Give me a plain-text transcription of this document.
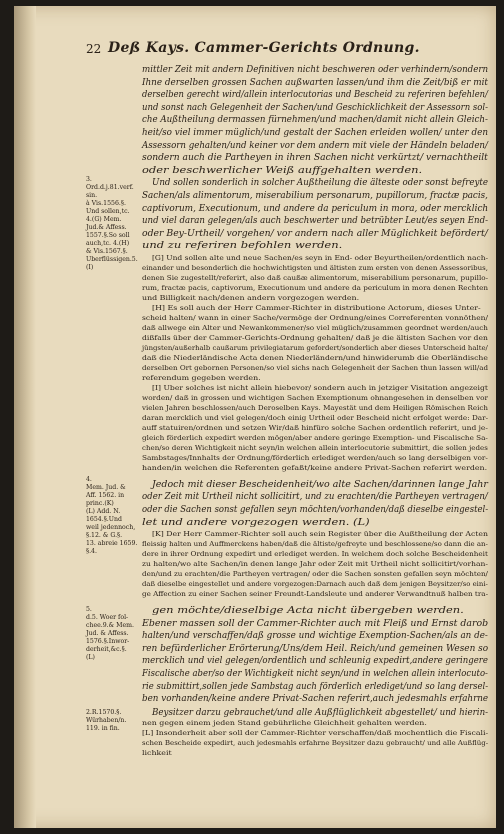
22 Deß Kays. Cammer-Gerichts Ordnung.
3.
Ord.d.j.81.verf.
sin.
à Vis.1556.§.
Und sollen,tc.
4.(G) Mem.
Jud.& Affess.
1557.§.So soll
auch,tc. 4.(H)
& Vis.1567.§.
Uberflüssigen.5.
(I)
4.
Mem. Jud. &
Aff. 1562. in
princ.(K)
(L) Add. N.
1654.§.Und
weil jedennoch,
§.12. & G.§.
13. abreie 1659.
§.4.
5.
d.5. Woer fol-
chee.9.& Mem.
Jud. & Affess.
1576.§.Inwor-
derheit,&c.§.
(L)
2.R.1570.§.
Würhaben/n.
119. in fin.
mittler Zeit mit andern Definitiven nicht beschweren oder verhindern/sondern
Ihne derselben grossen Sachen außwarten lassen/und ihm die Zeit/biß er mit
derselben gerecht wird/allein interlocutorias und Bescheid zu referiren befehlen/
und sonst nach Gelegenheit der Sachen/und Geschicklichkeit der Assessorn sol-
che Außtheilung dermassen fürnehmen/und machen/damit nicht allein Gleich-
heit/so viel immer müglich/und gestalt der Sachen erleiden wollen/ unter den
Assessorn gehalten/und keiner vor dem andern mit viele der Händeln beladen/
sondern auch die Partheyen in ihren Sachen nicht verkürtzt/ vernachtheilt
oder beschwerlicher Weiß auffgehalten werden.
Und sollen sonderlich in solcher Außtheilung die älteste oder sonst befreyte
Sachen/als alimentorum, miserabilium personarum, pupillorum, fractæ pacis,
captivorum, Executionum, und andere da periculum in mora, oder mercklich
und viel daran gelegen/als auch beschwerter und betrübter Leut/es seyen End-
oder Bey-Urtheil/ vorgehen/ vor andern nach aller Müglichkeit befördert/
und zu referiren befohlen werden.
[G] Und sollen alte und neue Sachen/es seyn in End- oder Beyurtheilen/ordentlich nach-
einander und besonderlich die hochwichtigsten und ältisten zum ersten von denen Assessoribus,
denen Sie zugestellt/referirt, also daß caußæ alimentorum, miserabilium personarum, pupillo-
rum, fractæ pacis, captivorum, Executionum und andere da periculum in mora denen Rechten
und Billigkeit nach/denen andern vorgezogen werden.
[H] Es soll auch der Herr Cammer-Richter in distributione Actorum, dieses Unter-
scheid halten/ wann in einer Sache/vermöge der Ordnung/eines Correferenten vonnöthen/
daß allwege ein Alter und Newankommener/so viel müglich/zusammen geordnet werden/auch
dißfalls über der Cammer-Gerichts-Ordnung gehalten/ daß je die ältisten Sachen vor den
jüngsten/außerhalb caußarum privilegiatarum gefordert/sonderlich aber dieses Unterscheid halte/
daß die Niederländische Acta denen Niederländern/und hinwiderumb die Oberländische
derselben Ort gebornen Personen/so viel sichs nach Gelegenheit der Sachen thun lassen will/ad
referendum gegeben werden.
[I] Uber solches ist nicht allein hiebevor/ sondern auch in jetziger Visitation angezeigt
worden/ daß in grossen und wichtigen Sachen Exemptionum ohnangesehen in denselben vor
vielen Jahren beschlossen/auch Deroselben Kays. Mayestät und dem Heiligen Römischen Reich
daran mercklich und viel gelegen/doch einig Urtheil oder Bescheid nicht erfolget werde: Dar-
auff statuiren/ordnen und setzen Wir/daß hinfüro solche Sachen ordentlich referirt, und je-
gleich förderlich expedirt werden mögen/aber andere geringe Exemption- und Fiscalische Sa-
chen/so deren Wichtigkeit nicht seyn/in welchen allein interlocutorie submittirt, die sollen jedes
Sambstages/Innhalts der Ordnung/förderlich erlediget werden/auch so lang derselbigen vor-
handen/in welchen die Referenten gefaßt/keine andere Privat-Sachen referirt werden.
Jedoch mit dieser Bescheidenheit/wo alte Sachen/darinnen lange Jahr
oder Zeit mit Urtheil nicht sollicitirt, und zu erachten/die Partheyen vertragen/
oder die Sachen sonst gefallen seyn möchten/vorhanden/daß dieselbe eingestel-
let und andere vorgezogen werden. (L)
[K] Der Herr Cammer-Richter soll auch sein Register über die Außtheilung der Acten
fleissig halten und Auffmerckens haben/daß die ältiste/gefreyte und beschlossene/so dann die an-
dere in ihrer Ordnung expedirt und erlediget werden. In welchem doch solche Bescheidenheit
zu halten/wo alte Sachen/in denen lange Jahr oder Zeit mit Urtheil nicht sollicitirt/vorhan-
den/und zu erachten/die Partheyen vertragen/ oder die Sachen sonsten gefallen seyn möchten/
daß dieselbe eingestellet und andere vorgezogen:Darnach auch daß dem jenigen Beysitzer/so eini-
ge Affection zu einer Sachen seiner Freundt-Landsleute und anderer Verwandtnuß halben tra-
gen möchte/dieselbige Acta nicht übergeben werden.
Ebener massen soll der Cammer-Richter auch mit Fleiß und Ernst darob
halten/und verschaffen/daß grosse und wichtige Exemption-Sachen/als an de-
ren befürderlicher Erörterung/Uns/dem Heil. Reich/und gemeinen Wesen so
mercklich und viel gelegen/ordentlich und schleunig expedirt,andere geringere
Fiscalische aber/so der Wichtigkeit nicht seyn/und in welchen allein interlocuto-
rie submittirt,sollen jede Sambstag auch förderlich erlediget/und so lang dersel-
ben vorhanden/keine andere Privat-Sachen referirt,auch jedesmahls erfahrne
Beysitzer darzu gebrauchet/und alle Außflüglichkeit abgestellet/ und hierin-
nen gegen einem jeden Stand gebührliche Gleichheit gehalten werden.
[L] Insonderheit aber soll der Cammer-Richter verschaffen/daß mochentlich die Fiscali-
schen Bescheide expedirt, auch jedesmahls erfahrne Beysitzer dazu gebraucht/ und alle Außflüg-
lichkeit
